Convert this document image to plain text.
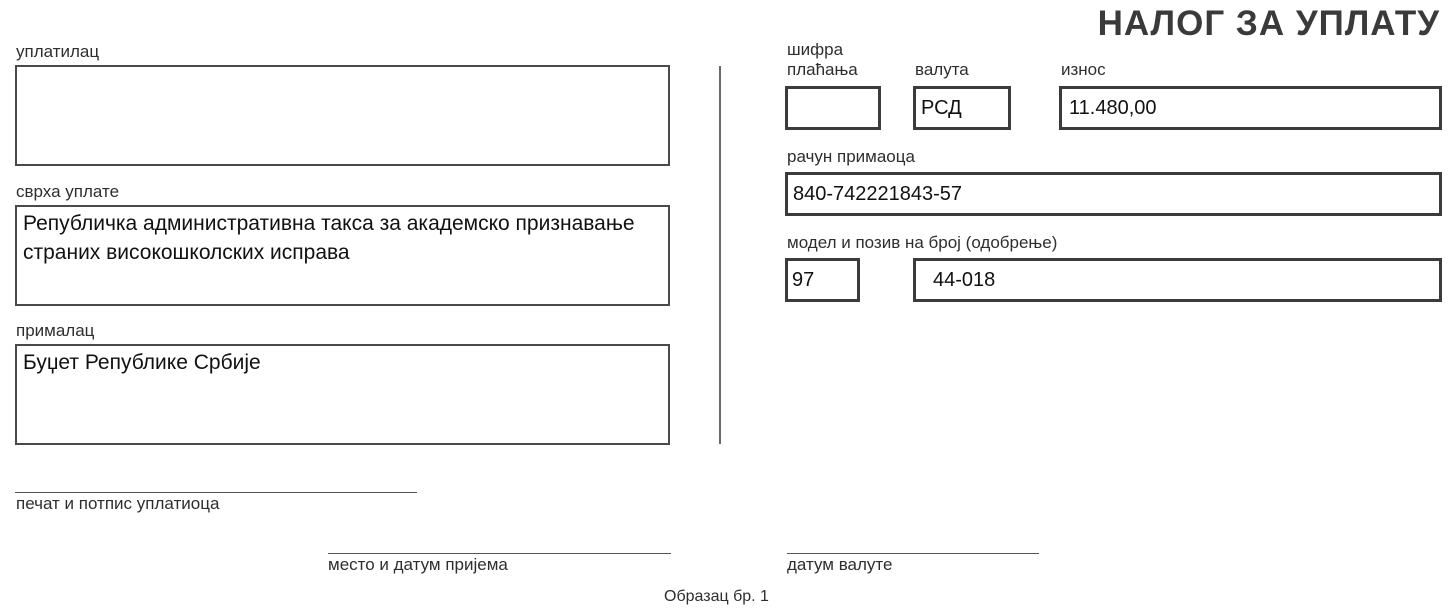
НАЛОГ ЗА УПЛАТУ
уплатилац
сврха уплате
Републичка административна такса за академско признавање страних високошколских исправа
прималац
Буџет Републике Србије
печат и потпис уплатиоца
шифра
плаћања	валута
РСД
износ
11.480,00
рачун примаоца
840-742221843-57
модел и позив на број (одобрење)
97	44-018
место и датум пријема	датум валуте
Образац бр. 1
